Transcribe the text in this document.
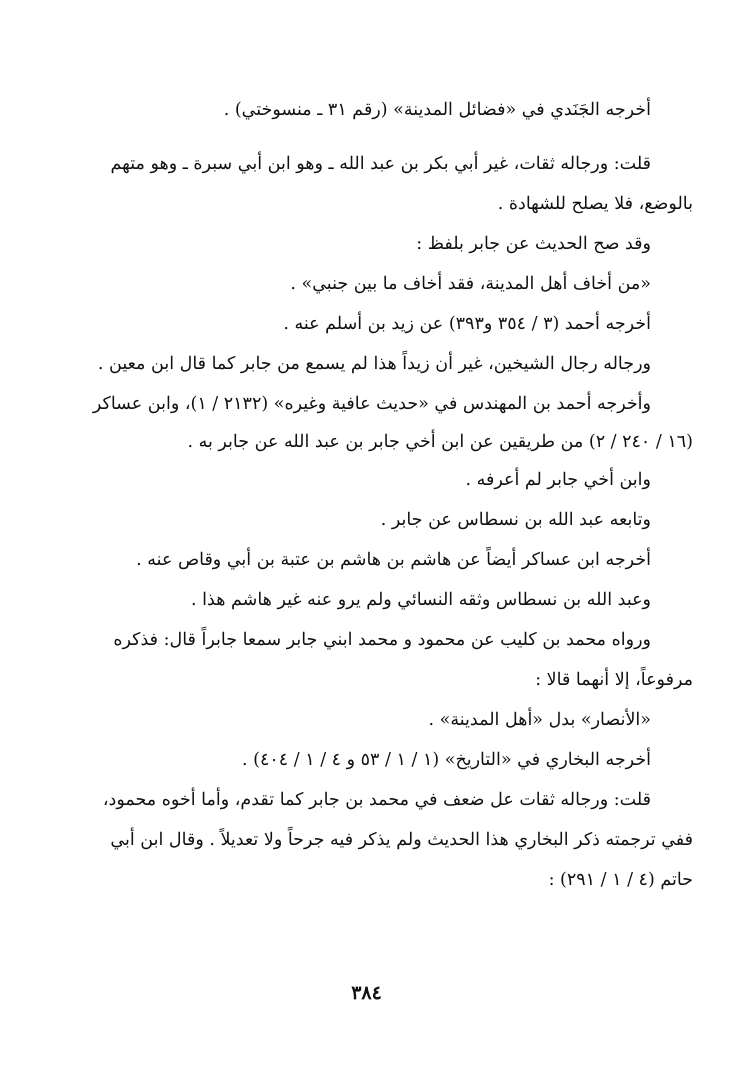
أخرجه الجَنَدي في «فضائل المدينة» (رقم ٣١ ـ منسوختي) .
قلت: ورجاله ثقات، غير أبي بكر بن عبد الله ـ وهو ابن أبي سبرة ـ وهو متهم
بالوضع، فلا يصلح للشهادة .
وقد صح الحديث عن جابر بلفظ :
«من أخاف أهل المدينة، فقد أخاف ما بين جنبي» .
أخرجه أحمد (٣ / ٣٥٤ و٣٩٣) عن زيد بن أسلم عنه .
ورجاله رجال الشيخين، غير أن زيداً هذا لم يسمع من جابر كما قال ابن معين .
وأخرجه أحمد بن المهندس في «حديث عافية وغيره» (٢١٣٢ / ١)، وابن عساكر
(١٦ / ٢٤٠ / ٢) من طريقين عن ابن أخي جابر بن عبد الله عن جابر به .
وابن أخي جابر لم أعرفه .
وتابعه عبد الله بن نسطاس عن جابر .
أخرجه ابن عساكر أيضاً عن هاشم بن هاشم بن عتبة بن أبي وقاص عنه .
وعبد الله بن نسطاس وثقه النسائي ولم يرو عنه غير هاشم هذا .
ورواه محمد بن كليب عن محمود و محمد ابني جابر سمعا جابراً قال: فذكره
مرفوعاً، إلا أنهما قالا :
«الأنصار» بدل «أهل المدينة» .
أخرجه البخاري في «التاريخ» (١ / ١ / ٥٣ و ٤ / ١ / ٤٠٤) .
قلت: ورجاله ثقات عل ضعف في محمد بن جابر كما تقدم، وأما أخوه محمود،
ففي ترجمته ذكر البخاري هذا الحديث ولم يذكر فيه جرحاً ولا تعديلاً . وقال ابن أبي
حاتم (٤ / ١ / ٢٩١) :
٣٨٤
